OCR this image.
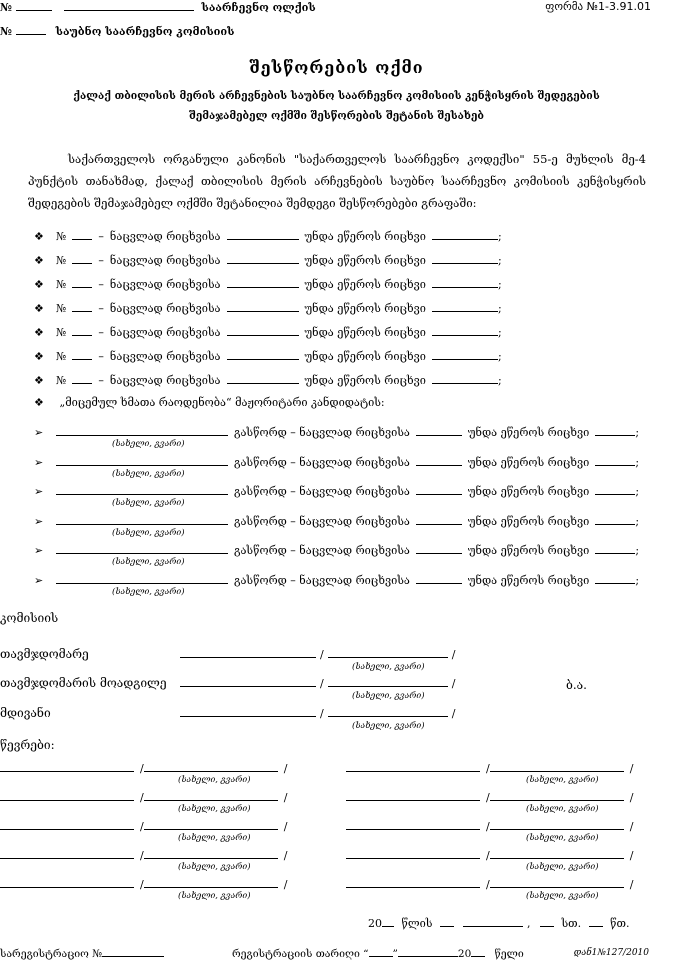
№	საარჩევნო ოლქის	ფორმა №1-3.91.01
№	საუბნო საარჩევნო კომისიის
შესწორების ოქმი
ქალაქ თბილისის მერის არჩევნების საუბნო საარჩევნო კომისიის კენჭისყრის შედეგების
შემაჯამებელ ოქმში შესწორების შეტანის შესახებ
საქართველოს ორგანული კანონის "საქართველოს საარჩევნო კოდექსი" 55-ე მუხლის მე-4 პუნქტის თანახმად, ქალაქ თბილისის მერის არჩევნების საუბნო საარჩევნო კომისიის კენჭისყრის შედეგების შემაჯამებელ ოქმში შეტანილია შემდეგი შესწორებები გრაფაში:
❖ №	– ნაცვლად რიცხვისა	უნდა ეწეროს რიცხვი	;
❖ №	– ნაცვლად რიცხვისა	უნდა ეწეროს რიცხვი	;
❖ №	– ნაცვლად რიცხვისა	უნდა ეწეროს რიცხვი	;
❖ №	– ნაცვლად რიცხვისა	უნდა ეწეროს რიცხვი	;
❖ №	– ნაცვლად რიცხვისა	უნდა ეწეროს რიცხვი	;
❖ №	– ნაცვლად რიცხვისა	უნდა ეწეროს რიცხვი	;
❖ №	– ნაცვლად რიცხვისა	უნდა ეწეროს რიცხვი	;
❖ „მიცემულ ხმათა რაოდენობა“ მაჟორიტარი კანდიდატის:
➢	გასწორდ – ნაცვლად რიცხვისა	უნდა ეწეროს რიცხვი	;
(სახელი, გვარი)
➢	გასწორდ – ნაცვლად რიცხვისა	უნდა ეწეროს რიცხვი	;
(სახელი, გვარი)
➢	გასწორდ – ნაცვლად რიცხვისა	უნდა ეწეროს რიცხვი	;
(სახელი, გვარი)
➢	გასწორდ – ნაცვლად რიცხვისა	უნდა ეწეროს რიცხვი	;
(სახელი, გვარი)
➢	გასწორდ – ნაცვლად რიცხვისა	უნდა ეწეროს რიცხვი	;
(სახელი, გვარი)
➢	გასწორდ – ნაცვლად რიცხვისა	უნდა ეწეროს რიცხვი	;
(სახელი, გვარი)
კომისიის
თავმჯდომარე	/	/
(სახელი, გვარი)
თავმჯდომარის მოადგილე	/	/
(სახელი, გვარი)
მდივანი	/	/
(სახელი, გვარი)
ბ.ა.
წევრები:
/	/
(სახელი, გვარი)
/	/
(სახელი, გვარი)
/	/
(სახელი, გვარი)
/	/
(სახელი, გვარი)
/	/
(სახელი, გვარი)
/	/
(სახელი, გვარი)
/	/
(სახელი, გვარი)
/	/
(სახელი, გვარი)
/	/
(სახელი, გვარი)
/	/
(სახელი, გვარი)
20 წლის	,	სთ.	წთ.
სარეგისტრაციო №	რეგისტრაციის თარიღი “ ”	20 წელი	დან1№127/2010
